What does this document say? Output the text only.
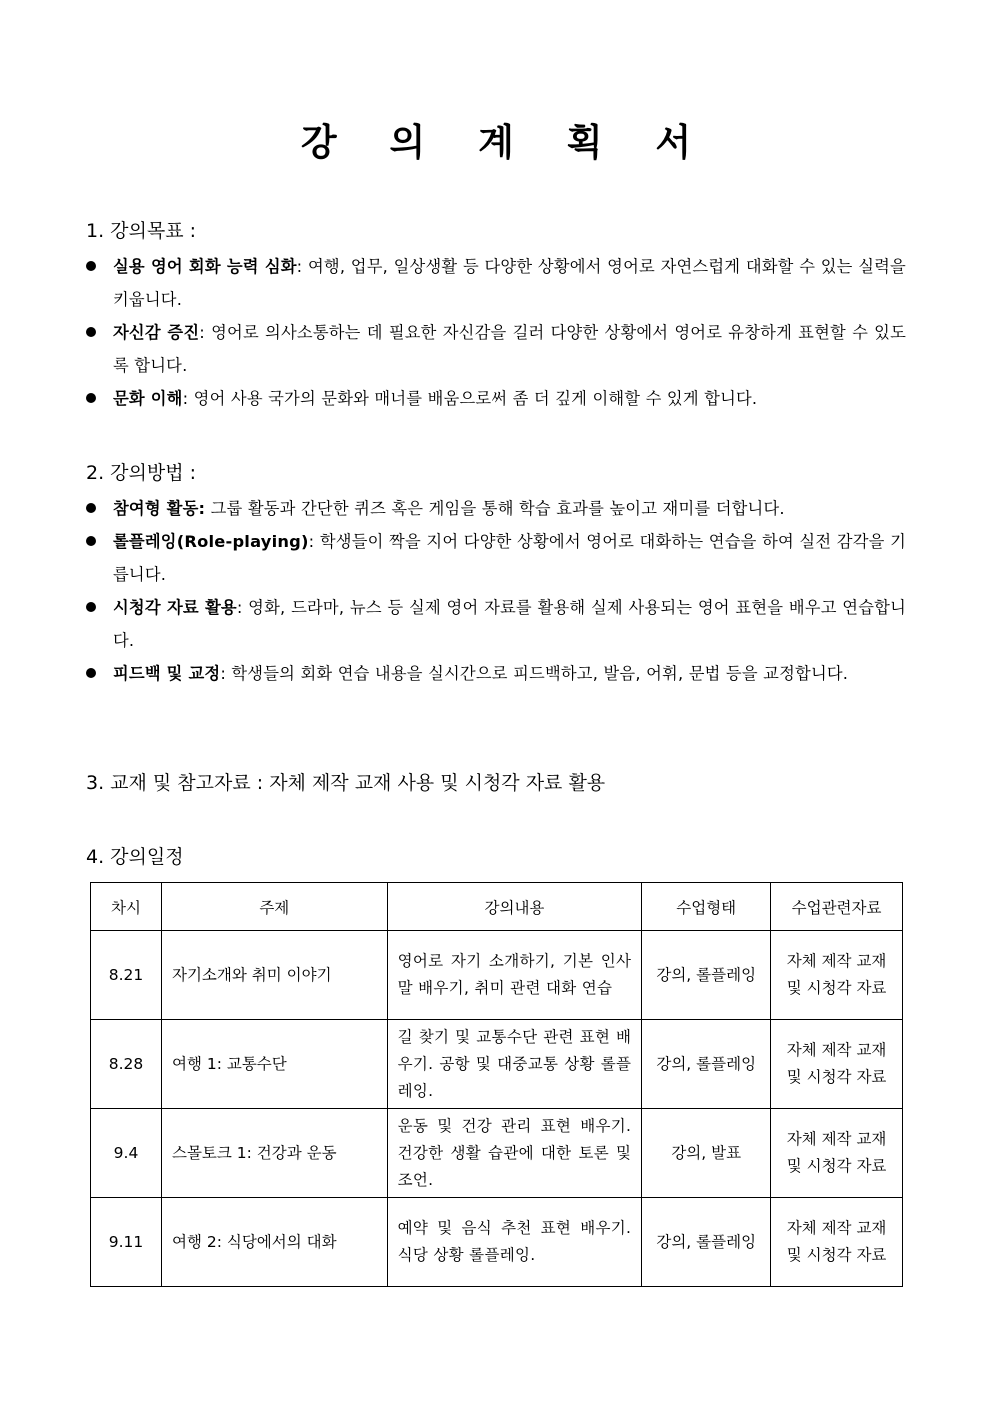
강 의 계 획 서
1. 강의목표 :
실용 영어 회화 능력 심화: 여행, 업무, 일상생활 등 다양한 상황에서 영어로 자연스럽게 대화할 수 있는 실력을 키웁니다.
자신감 증진: 영어로 의사소통하는 데 필요한 자신감을 길러 다양한 상황에서 영어로 유창하게 표현할 수 있도록 합니다.
문화 이해: 영어 사용 국가의 문화와 매너를 배움으로써 좀 더 깊게 이해할 수 있게 합니다.
2. 강의방법 :
참여형 활동: 그룹 활동과 간단한 퀴즈 혹은 게임을 통해 학습 효과를 높이고 재미를 더합니다.
롤플레잉(Role-playing): 학생들이 짝을 지어 다양한 상황에서 영어로 대화하는 연습을 하여 실전 감각을 기릅니다.
시청각 자료 활용: 영화, 드라마, 뉴스 등 실제 영어 자료를 활용해 실제 사용되는 영어 표현을 배우고 연습합니다.
피드백 및 교정: 학생들의 회화 연습 내용을 실시간으로 피드백하고, 발음, 어휘, 문법 등을 교정합니다.
3. 교재 및 참고자료 : 자체 제작 교재 사용 및 시청각 자료 활용
4. 강의일정
차시	주제	강의내용	수업형태	수업관련자료
8.21	자기소개와 취미 이야기	영어로 자기 소개하기, 기본 인사말 배우기, 취미 관련 대화 연습	강의, 롤플레잉	자체 제작 교재 및 시청각 자료
8.28	여행 1: 교통수단	길 찾기 및 교통수단 관련 표현 배우기. 공항 및 대중교통 상황 롤플레잉.	강의, 롤플레잉	자체 제작 교재 및 시청각 자료
9.4	스몰토크 1: 건강과 운동	운동 및 건강 관리 표현 배우기. 건강한 생활 습관에 대한 토론 및 조언.	강의, 발표	자체 제작 교재 및 시청각 자료
9.11	여행 2: 식당에서의 대화	예약 및 음식 추천 표현 배우기. 식당 상황 롤플레잉.	강의, 롤플레잉	자체 제작 교재 및 시청각 자료
